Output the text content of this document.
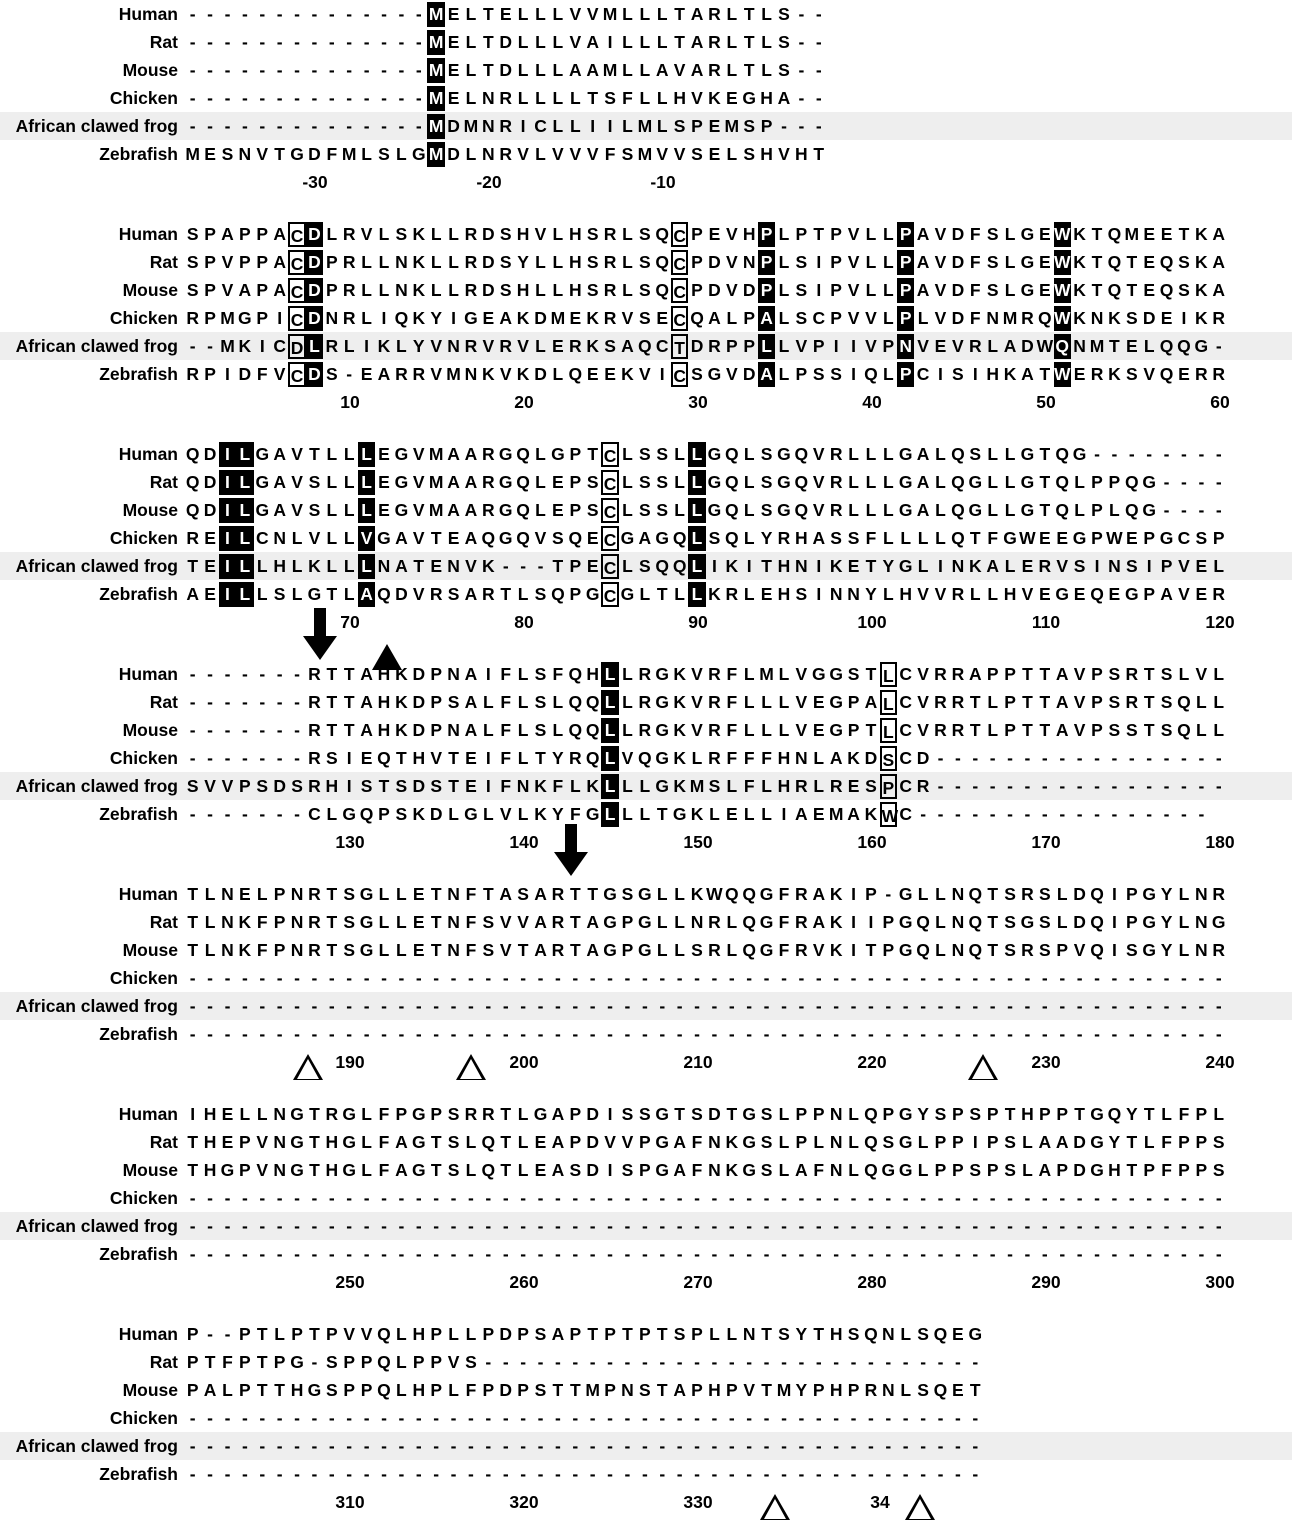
Human - - - - - - - - - - - - - - M E L T E L L L V V M L L L T A R L T L S - -
Rat - - - - - - - - - - - - - - M E L T D L L L V A I L L L T A R L T L S - -
Mouse - - - - - - - - - - - - - - M E L T D L L L A A M L L A V A R L T L S - -
Chicken - - - - - - - - - - - - - - M E L N R L L L L T S F L L H V K E G H A - -
African clawed frog - - - - - - - - - - - - - - M D M N R I C L L I I L M L S P E M S P - - -
Zebrafish M E S N V T G D F M L S L G M D L N R V L V V V F S M V V S E L S H V H T
-30	-20	-10
Human S P A P P A C D L R V L S K L L R D S H V L H S R L S Q C P E V H P L P T P V L L P A V D F S L G E W K T Q M E E T K A
Rat S P V P P A C D P R L L N K L L R D S Y L L H S R L S Q C P D V N P L S I P V L L P A V D F S L G E W K T Q T E Q S K A
Mouse S P V A P A C D P R L L N K L L R D S H L L H S R L S Q C P D V D P L S I P V L L P A V D F S L G E W K T Q T E Q S K A
Chicken R P M G P I C D N R L I Q K Y I G E A K D M E K R V S E C Q A L P A L S C P V V L P L V D F N M R Q W K N K S D E I K R
African clawed frog - - M K I C D L R L I K L Y V N R V R V L E R K S A Q C T D R P P L L V P I I V P N V E V R L A D W Q N M T E L Q Q G -
Zebrafish R P I D F V C D S - E A R R V M N K V K D L Q E E K V I C S G V D A L P S S I Q L P C I S I H K A T W E R K S V Q E R R
10	20	30	40	50	60
Human Q D I L G A V T L L L E G V M A A R G Q L G P T C L S S L L G Q L S G Q V R L L L G A L Q S L L G T Q G - - - - - - - -
Rat Q D I L G A V S L L L E G V M A A R G Q L E P S C L S S L L G Q L S G Q V R L L L G A L Q G L L G T Q L P P Q G - - - -
Mouse Q D I L G A V S L L L E G V M A A R G Q L E P S C L S S L L G Q L S G Q V R L L L G A L Q G L L G T Q L P L Q G - - - -
Chicken R E I L C N L V L L V G A V T E A Q G Q V S Q E C G A G Q L S Q L Y R H A S S F L L L L Q T F G W E E G P W E P G C S P
African clawed frog T E I L L H L K L L L N A T E N V K - - - T P E C L S Q Q L I K I T H N I K E T Y G L I N K A L E R V S I N S I P V E L
Zebrafish A E I L L S L G T L A Q D V R S A R T L S Q P G C G L T L L K R L E H S I N N Y L H V V R L L H V E G E Q E G P A V E R
70	80	90	100	110	120
Human - - - - - - - R T T A H K D P N A I F L S F Q H L L R G K V R F L M L V G G S T L C V R R A P P T T A V P S R T S L V L
Rat - - - - - - - R T T A H K D P S A L F L S L Q Q L L R G K V R F L L L V E G P A L C V R R T L P T T A V P S R T S Q L L
Mouse - - - - - - - R T T A H K D P N A L F L S L Q Q L L R G K V R F L L L V E G P T L C V R R T L P T T A V P S S T S Q L L
Chicken - - - - - - - R S I E Q T H V T E I F L T Y R Q L V Q G K L R F F F H N L A K D S C D - - - - - - - - - - - - - - - - -
African clawed frog S V V P S D S R H I S T S D S T E I F N K F L K L L L G K M S L F L H R L R E S P C R - - - - - - - - - - - - - - - - -
Zebrafish - - - - - - - C L G Q P S K D L G L V L K Y F G L L L T G K L E L L I A E M A K W C - - - - - - - - - - - - - - - - -
130	140	150	160	170	180
Human T L N E L P N R T S G L L E T N F T A S A R T T G S G L L K W Q Q G F R A K I P - G L L N Q T S R S L D Q I P G Y L N R
Rat T L N K F P N R T S G L L E T N F S V V A R T A G P G L L N R L Q G F R A K I I P G Q L N Q T S G S L D Q I P G Y L N G
Mouse T L N K F P N R T S G L L E T N F S V T A R T A G P G L L S R L Q G F R V K I T P G Q L N Q T S R S P V Q I S G Y L N R
Chicken - - - - - - - - - - - - - - - - - - - - - - - - - - - - - - - - - - - - - - - - - - - - - - - - - - - - - - - - - - - -
African clawed frog - - - - - - - - - - - - - - - - - - - - - - - - - - - - - - - - - - - - - - - - - - - - - - - - - - - - - - - - - - - -
Zebrafish - - - - - - - - - - - - - - - - - - - - - - - - - - - - - - - - - - - - - - - - - - - - - - - - - - - - - - - - - - - -
190	200	210	220	230	240
Human I H E L L N G T R G L F P G P S R R T L G A P D I S S G T S D T G S L P P N L Q P G Y S P S P T H P P T G Q Y T L F P L
Rat T H E P V N G T H G L F A G T S L Q T L E A P D V V P G A F N K G S L P L N L Q S G L P P I P S L A A D G Y T L F P P S
Mouse T H G P V N G T H G L F A G T S L Q T L E A S D I S P G A F N K G S L A F N L Q G G L P P S P S L A P D G H T P F P P S
Chicken - - - - - - - - - - - - - - - - - - - - - - - - - - - - - - - - - - - - - - - - - - - - - - - - - - - - - - - - - - - -
African clawed frog - - - - - - - - - - - - - - - - - - - - - - - - - - - - - - - - - - - - - - - - - - - - - - - - - - - - - - - - - - - -
Zebrafish - - - - - - - - - - - - - - - - - - - - - - - - - - - - - - - - - - - - - - - - - - - - - - - - - - - - - - - - - - - -
250	260	270	280	290	300
Human P - - P T L P T P V V Q L H P L L P D P S A P T P T P T S P L L N T S Y T H S Q N L S Q E G
Rat P T F P T P G - S P P Q L P P V S - - - - - - - - - - - - - - - - - - - - - - - - - - - - -
Mouse P A L P T T H G S P P Q L H P L F P D P S T T M P N S T A P H P V T M Y P H P R N L S Q E T
Chicken - - - - - - - - - - - - - - - - - - - - - - - - - - - - - - - - - - - - - - - - - - - - - -
African clawed frog - - - - - - - - - - - - - - - - - - - - - - - - - - - - - - - - - - - - - - - - - - - - - -
Zebrafish - - - - - - - - - - - - - - - - - - - - - - - - - - - - - - - - - - - - - - - - - - - - - -
310	320	330	34
